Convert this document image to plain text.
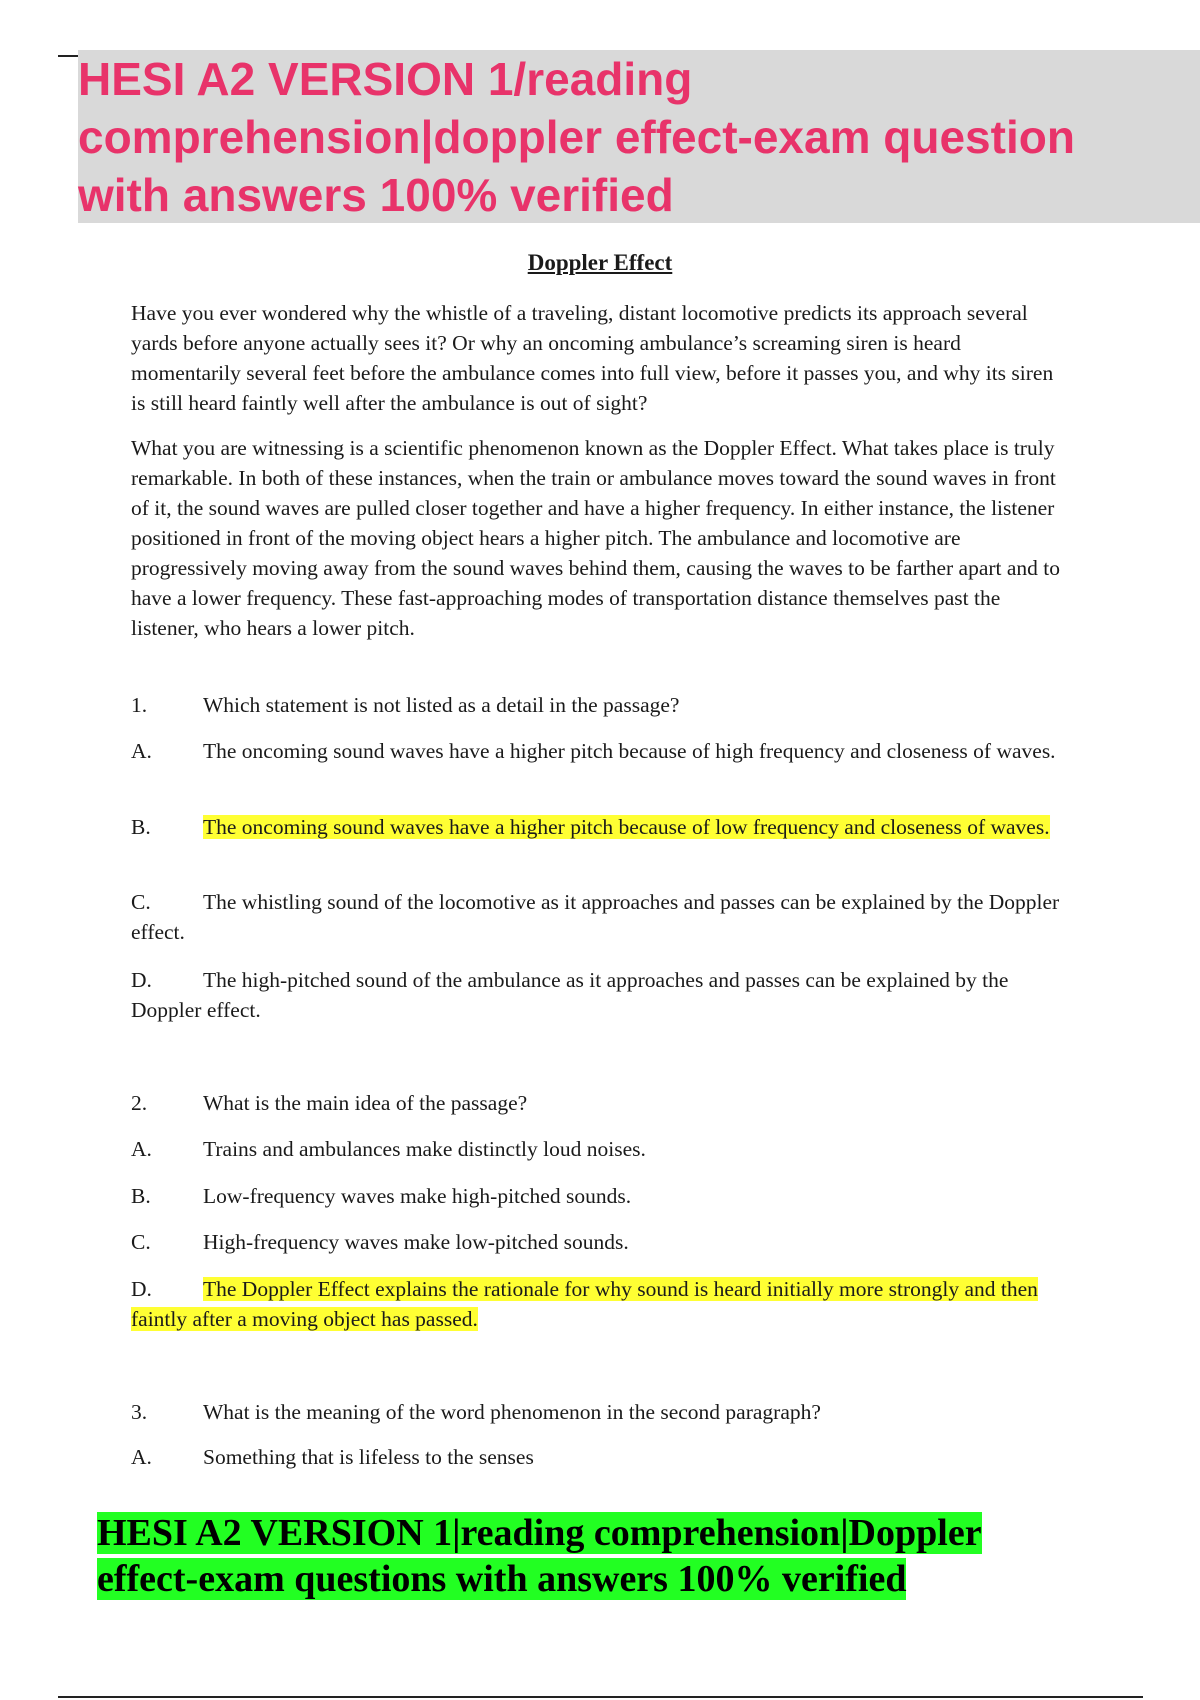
HESI A2 VERSION 1/reading
comprehension|doppler effect-exam question
with answers 100% verified
Doppler Effect

Have you ever wondered why the whistle of a traveling, distant locomotive predicts its approach several yards before anyone actually sees it? Or why an oncoming ambulance’s screaming siren is heard momentarily several feet before the ambulance comes into full view, before it passes you, and why its siren is still heard faintly well after the ambulance is out of sight?

What you are witnessing is a scientific phenomenon known as the Doppler Effect. What takes place is truly remarkable. In both of these instances, when the train or ambulance moves toward the sound waves in front of it, the sound waves are pulled closer together and have a higher frequency. In either instance, the listener positioned in front of the moving object hears a higher pitch. The ambulance and locomotive are progressively moving away from the sound waves behind them, causing the waves to be farther apart and to have a lower frequency. These fast-approaching modes of transportation distance themselves past the listener, who hears a lower pitch.

1.	Which statement is not listed as a detail in the passage?
A.	The oncoming sound waves have a higher pitch because of high frequency and closeness of waves.
B.	The oncoming sound waves have a higher pitch because of low frequency and closeness of waves.
C.	The whistling sound of the locomotive as it approaches and passes can be explained by the Doppler effect.
D.	The high-pitched sound of the ambulance as it approaches and passes can be explained by the Doppler effect.
2.	What is the main idea of the passage?
A.	Trains and ambulances make distinctly loud noises.
B.	Low-frequency waves make high-pitched sounds.
C.	High-frequency waves make low-pitched sounds.
D.	The Doppler Effect explains the rationale for why sound is heard initially more strongly and then faintly after a moving object has passed.
3.	What is the meaning of the word phenomenon in the second paragraph?
A.	Something that is lifeless to the senses
HESI A2 VERSION 1|reading comprehension|Doppler effect-exam questions with answers 100% verified
